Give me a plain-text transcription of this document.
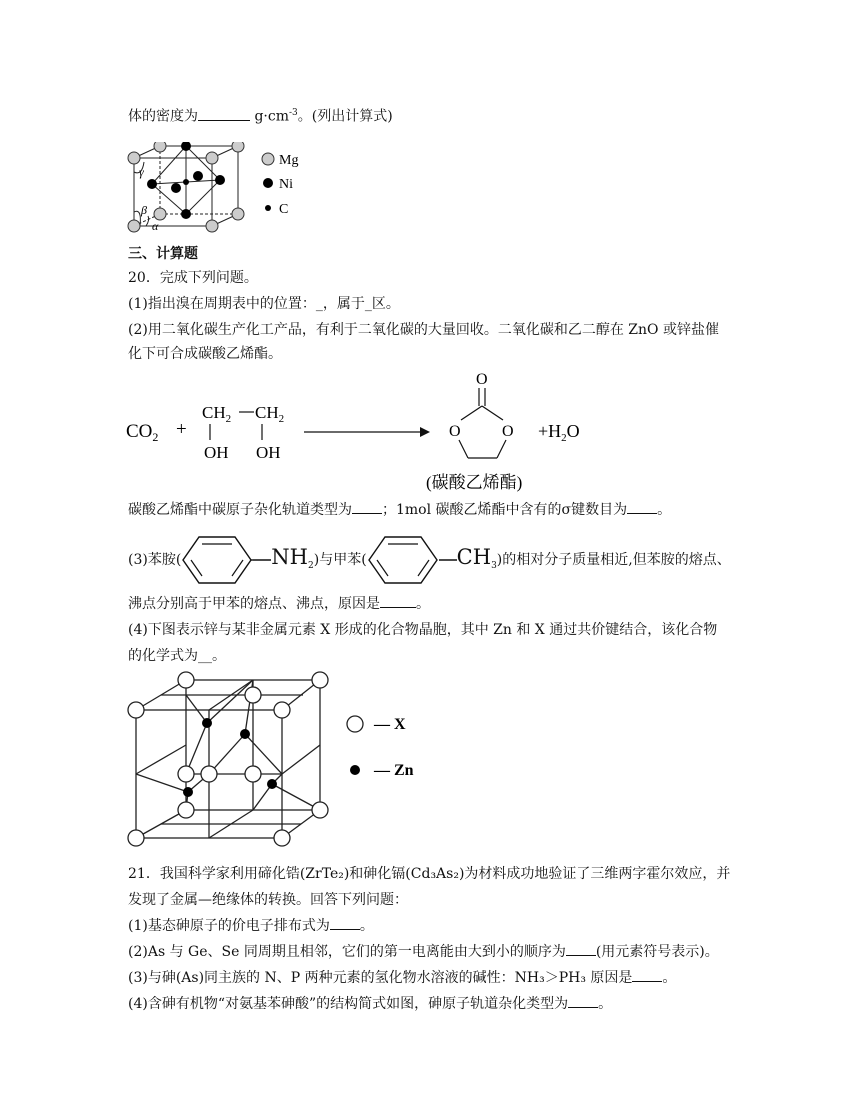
体的密度为	$g\cdot cm^{-3}$。(列出计算式)
γ
β
α
Mg
Ni
C
三、计算题
20．完成下列问题。
(1)指出溴在周期表中的位置：_，属于_区。
(2)用二氧化碳生产化工产品，有利于二氧化碳的大量回收。二氧化碳和乙二醇在 ZnO 或锌盐催
化下可合成碳酸乙烯酯。
$CO_2$ +
$CH_2$ $CH_2$
OH OH
O
O	$O +H_2O$
(碳酸乙烯酯)
碳酸乙烯酯中碳原子杂化轨道类型为 ；1mol 碳酸乙烯酯中含有的σ键数目为 。
(3)苯胺(	$NH_2$)与甲苯(	$CH_3$)的相对分子质量相近,但苯胺的熔点、
沸点分别高于甲苯的熔点、沸点，原因是	。
(4)下图表示锌与某非金属元素 X 形成的化合物晶胞，其中 Zn 和 X 通过共价键结合，该化合物
的化学式为__。
— X
— Zn
21．我国科学家利用碲化锆(ZrTe₂)和砷化镉(Cd₃As₂)为材料成功地验证了三维两字霍尔效应，并
发现了金属—绝缘体的转换。回答下列问题：
(1)基态砷原子的价电子排布式为 。
(2)As 与 Ge、Se 同周期且相邻，它们的第一电离能由大到小的顺序为 (用元素符号表示)。
(3)与砷(As)同主族的 N、P 两种元素的氢化物水溶液的碱性：NH₃＞PH₃ 原因是 。
(4)含砷有机物“对氨基苯砷酸”的结构简式如图，砷原子轨道杂化类型为 。
